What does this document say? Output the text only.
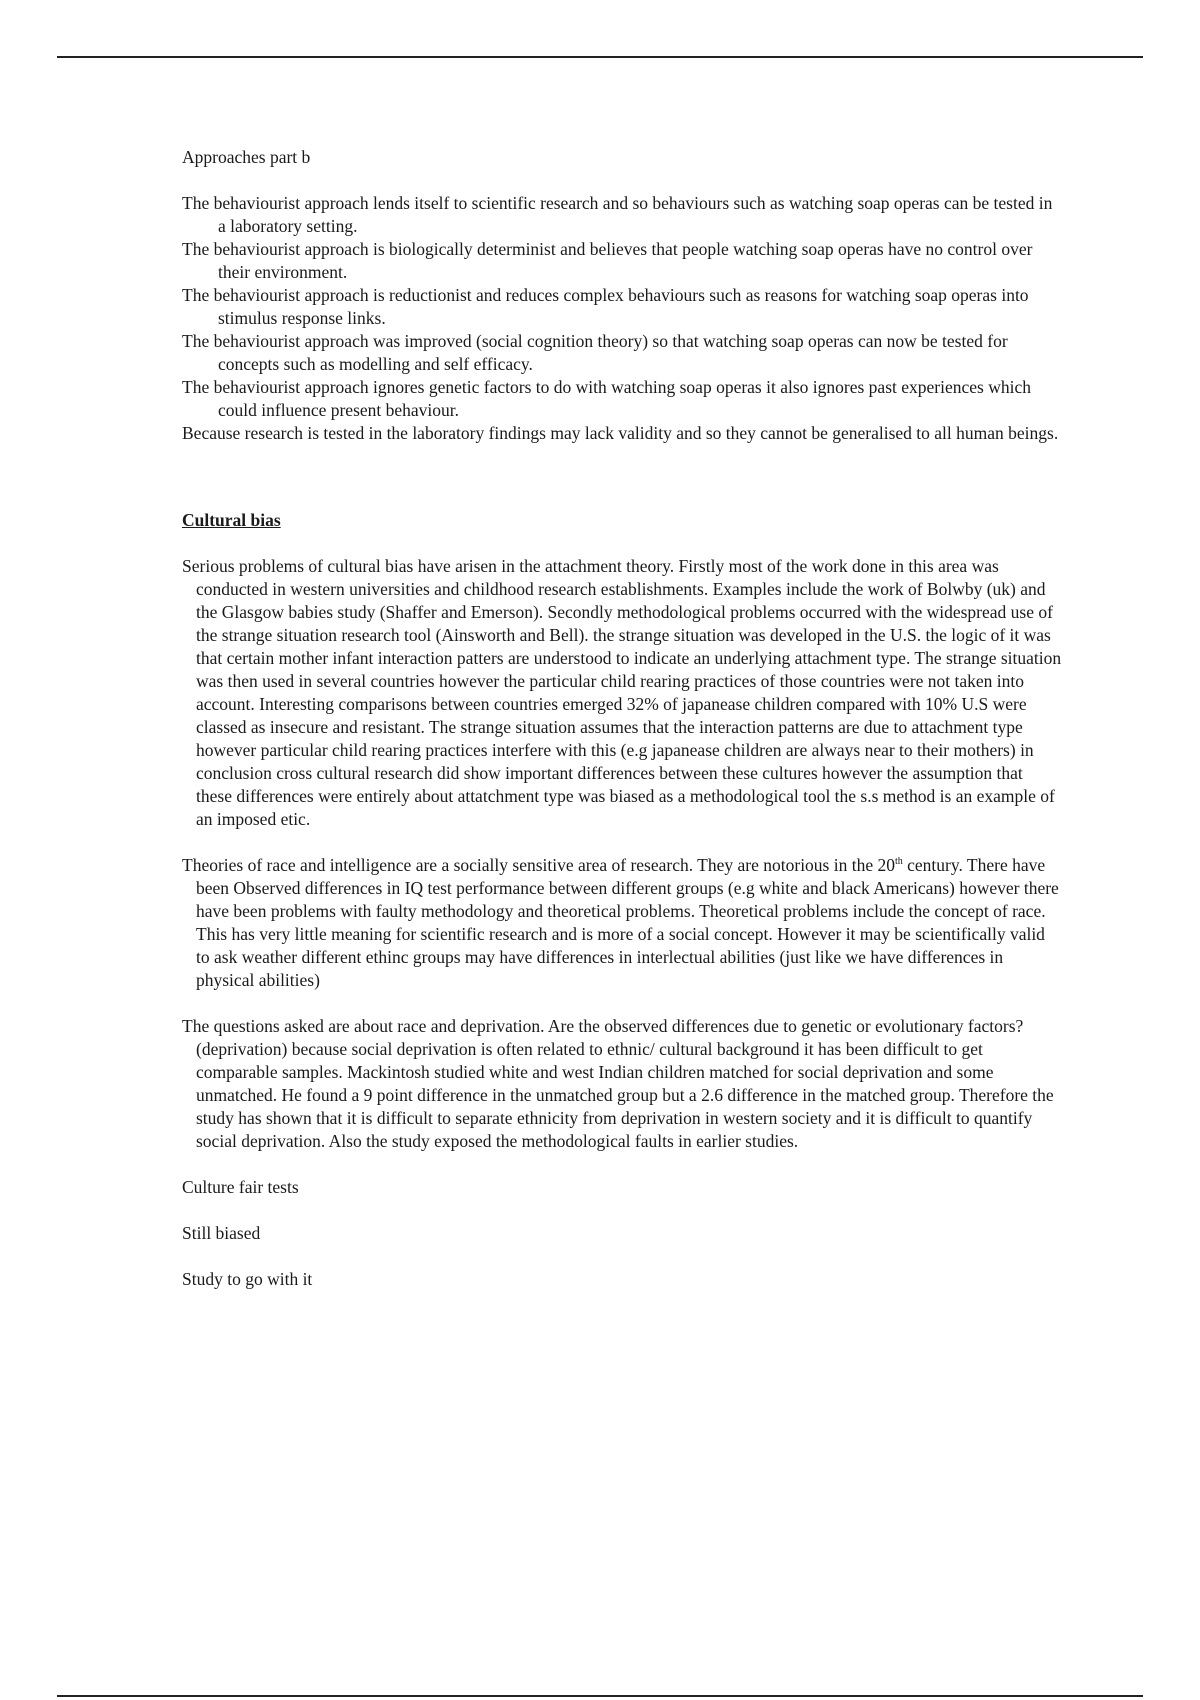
Approaches part b

The behaviourist approach lends itself to scientific research and so behaviours such as watching soap operas can be tested in a laboratory setting.
The behaviourist approach is biologically determinist and believes that people watching soap operas have no control over their environment.
The behaviourist approach is reductionist and reduces complex behaviours such as reasons for watching soap operas into stimulus response links.
The behaviourist approach was improved (social cognition theory) so that watching soap operas can now be tested for concepts such as modelling and self efficacy.
The behaviourist approach ignores genetic factors to do with watching soap operas it also ignores past experiences which could influence present behaviour.
Because research is tested in the laboratory findings may lack validity and so they cannot be generalised to all human beings.

Cultural bias

Serious problems of cultural bias have arisen in the attachment theory. Firstly most of the work done in this area was conducted in western universities and childhood research establishments. Examples include the work of Bolwby (uk) and the Glasgow babies study (Shaffer and Emerson). Secondly methodological problems occurred with the widespread use of the strange situation research tool (Ainsworth and Bell). the strange situation was developed in the U.S. the logic of it was that certain mother infant interaction patters are understood to indicate an underlying attachment type. The strange situation was then used in several countries however the particular child rearing practices of those countries were not taken into account. Interesting comparisons between countries emerged 32% of japanease children compared with 10% U.S were classed as insecure and resistant. The strange situation assumes that the interaction patterns are due to attachment type however particular child rearing practices interfere with this (e.g japanease children are always near to their mothers) in conclusion cross cultural research did show important differences between these cultures however the assumption that these differences were entirely about attatchment type was biased as a methodological tool the s.s method is an example of an imposed etic.

Theories of race and intelligence are a socially sensitive area of research. They are notorious in the 20th century. There have been Observed differences in IQ test performance between different groups (e.g white and black Americans) however there have been problems with faulty methodology and theoretical problems. Theoretical problems include the concept of race. This has very little meaning for scientific research and is more of a social concept. However it may be scientifically valid to ask weather different ethinc groups may have differences in interlectual abilities (just like we have differences in physical abilities)

The questions asked are about race and deprivation. Are the observed differences due to genetic or evolutionary factors? (deprivation) because social deprivation is often related to ethnic/ cultural background it has been difficult to get comparable samples. Mackintosh studied white and west Indian children matched for social deprivation and some unmatched. He found a 9 point difference in the unmatched group but a 2.6 difference in the matched group. Therefore the study has shown that it is difficult to separate ethnicity from deprivation in western society and it is difficult to quantify social deprivation. Also the study exposed the methodological faults in earlier studies.

Culture fair tests

Still biased

Study to go with it
